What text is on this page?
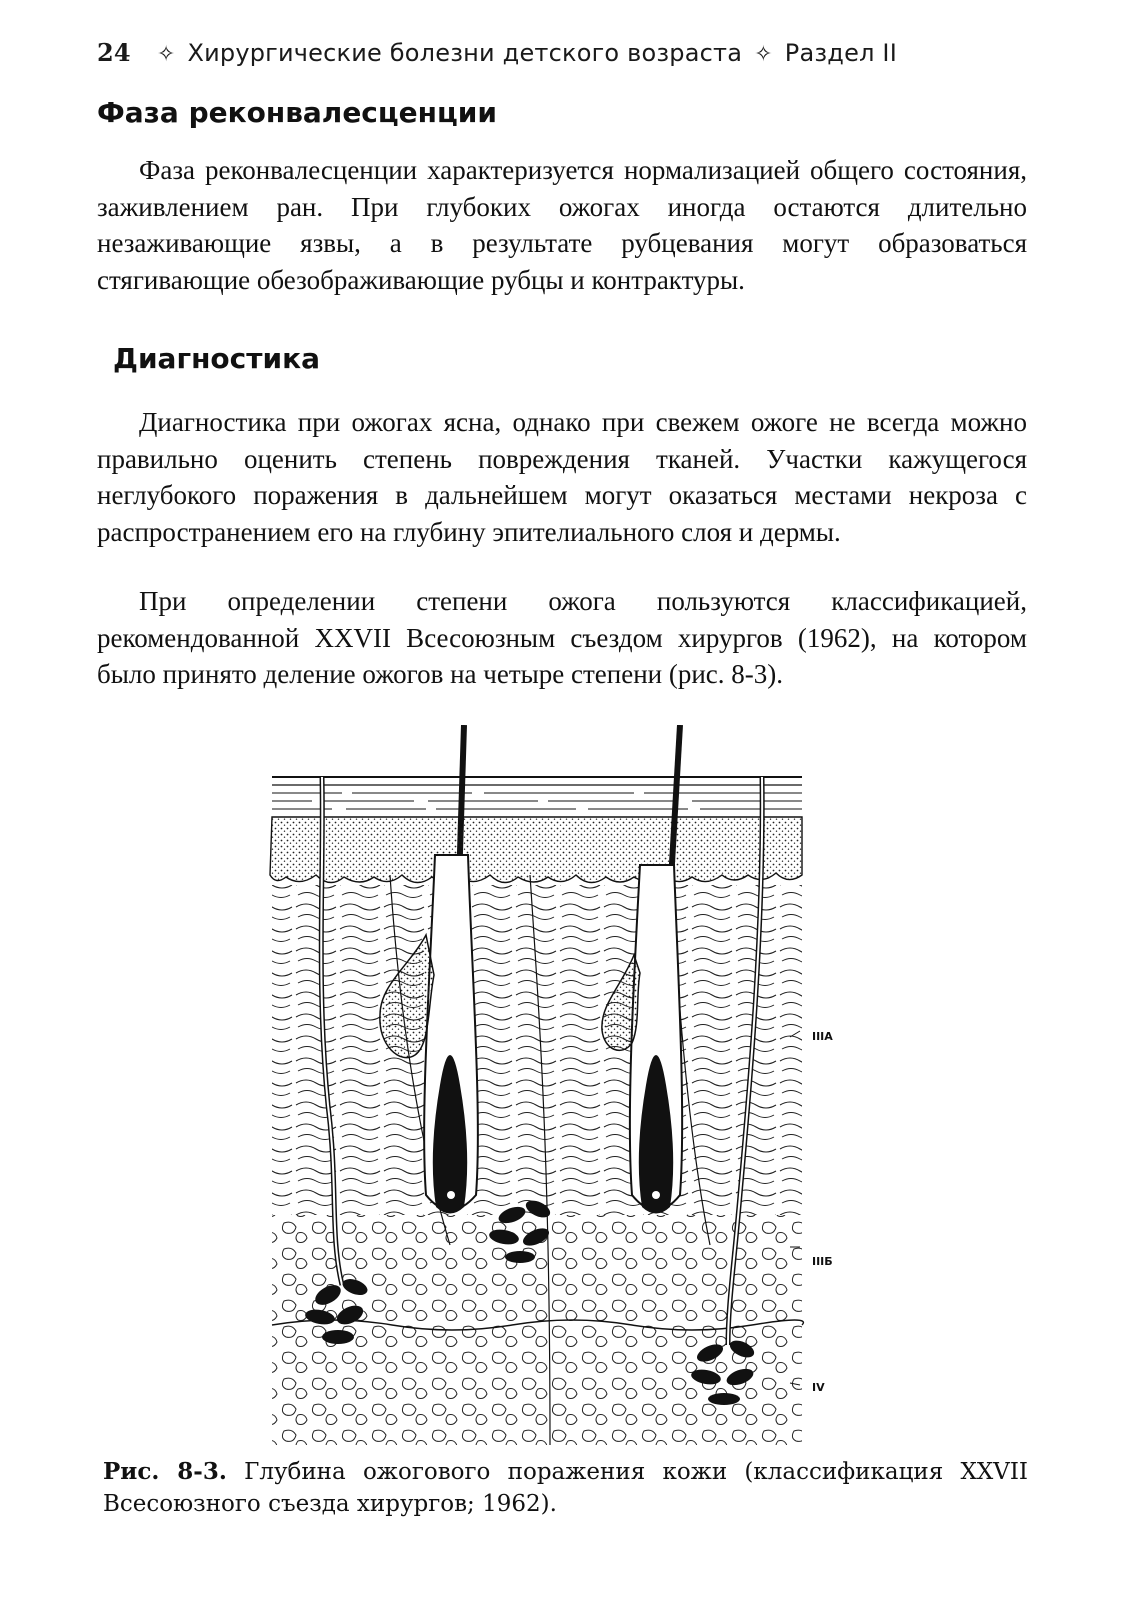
24 ✧ Хирургические болезни детского возраста ✧ Раздел II
Фаза реконвалесценции

Фаза реконвалесценции характеризуется нормализацией общего состояния, заживлением ран. При глубоких ожогах иногда остаются длительно незаживающие язвы, а в результате рубцевания могут образоваться стягивающие обезображивающие рубцы и контрактуры.

Диагностика

Диагностика при ожогах ясна, однако при свежем ожоге не всегда можно правильно оценить степень повреждения тканей. Участки кажущегося неглубокого поражения в дальнейшем могут оказаться местами некроза с распространением его на глубину эпителиального слоя и дермы.

При определении степени ожога пользуются классификацией, рекомендованной XXVII Всесоюзным съездом хирургов (1962), на котором было принято деление ожогов на четыре степени (рис. 8-3).

IIIA
IIIБ
IV

Рис. 8-3. Глубина ожогового поражения кожи (классификация XXVII Всесоюзного съезда хирургов; 1962).
